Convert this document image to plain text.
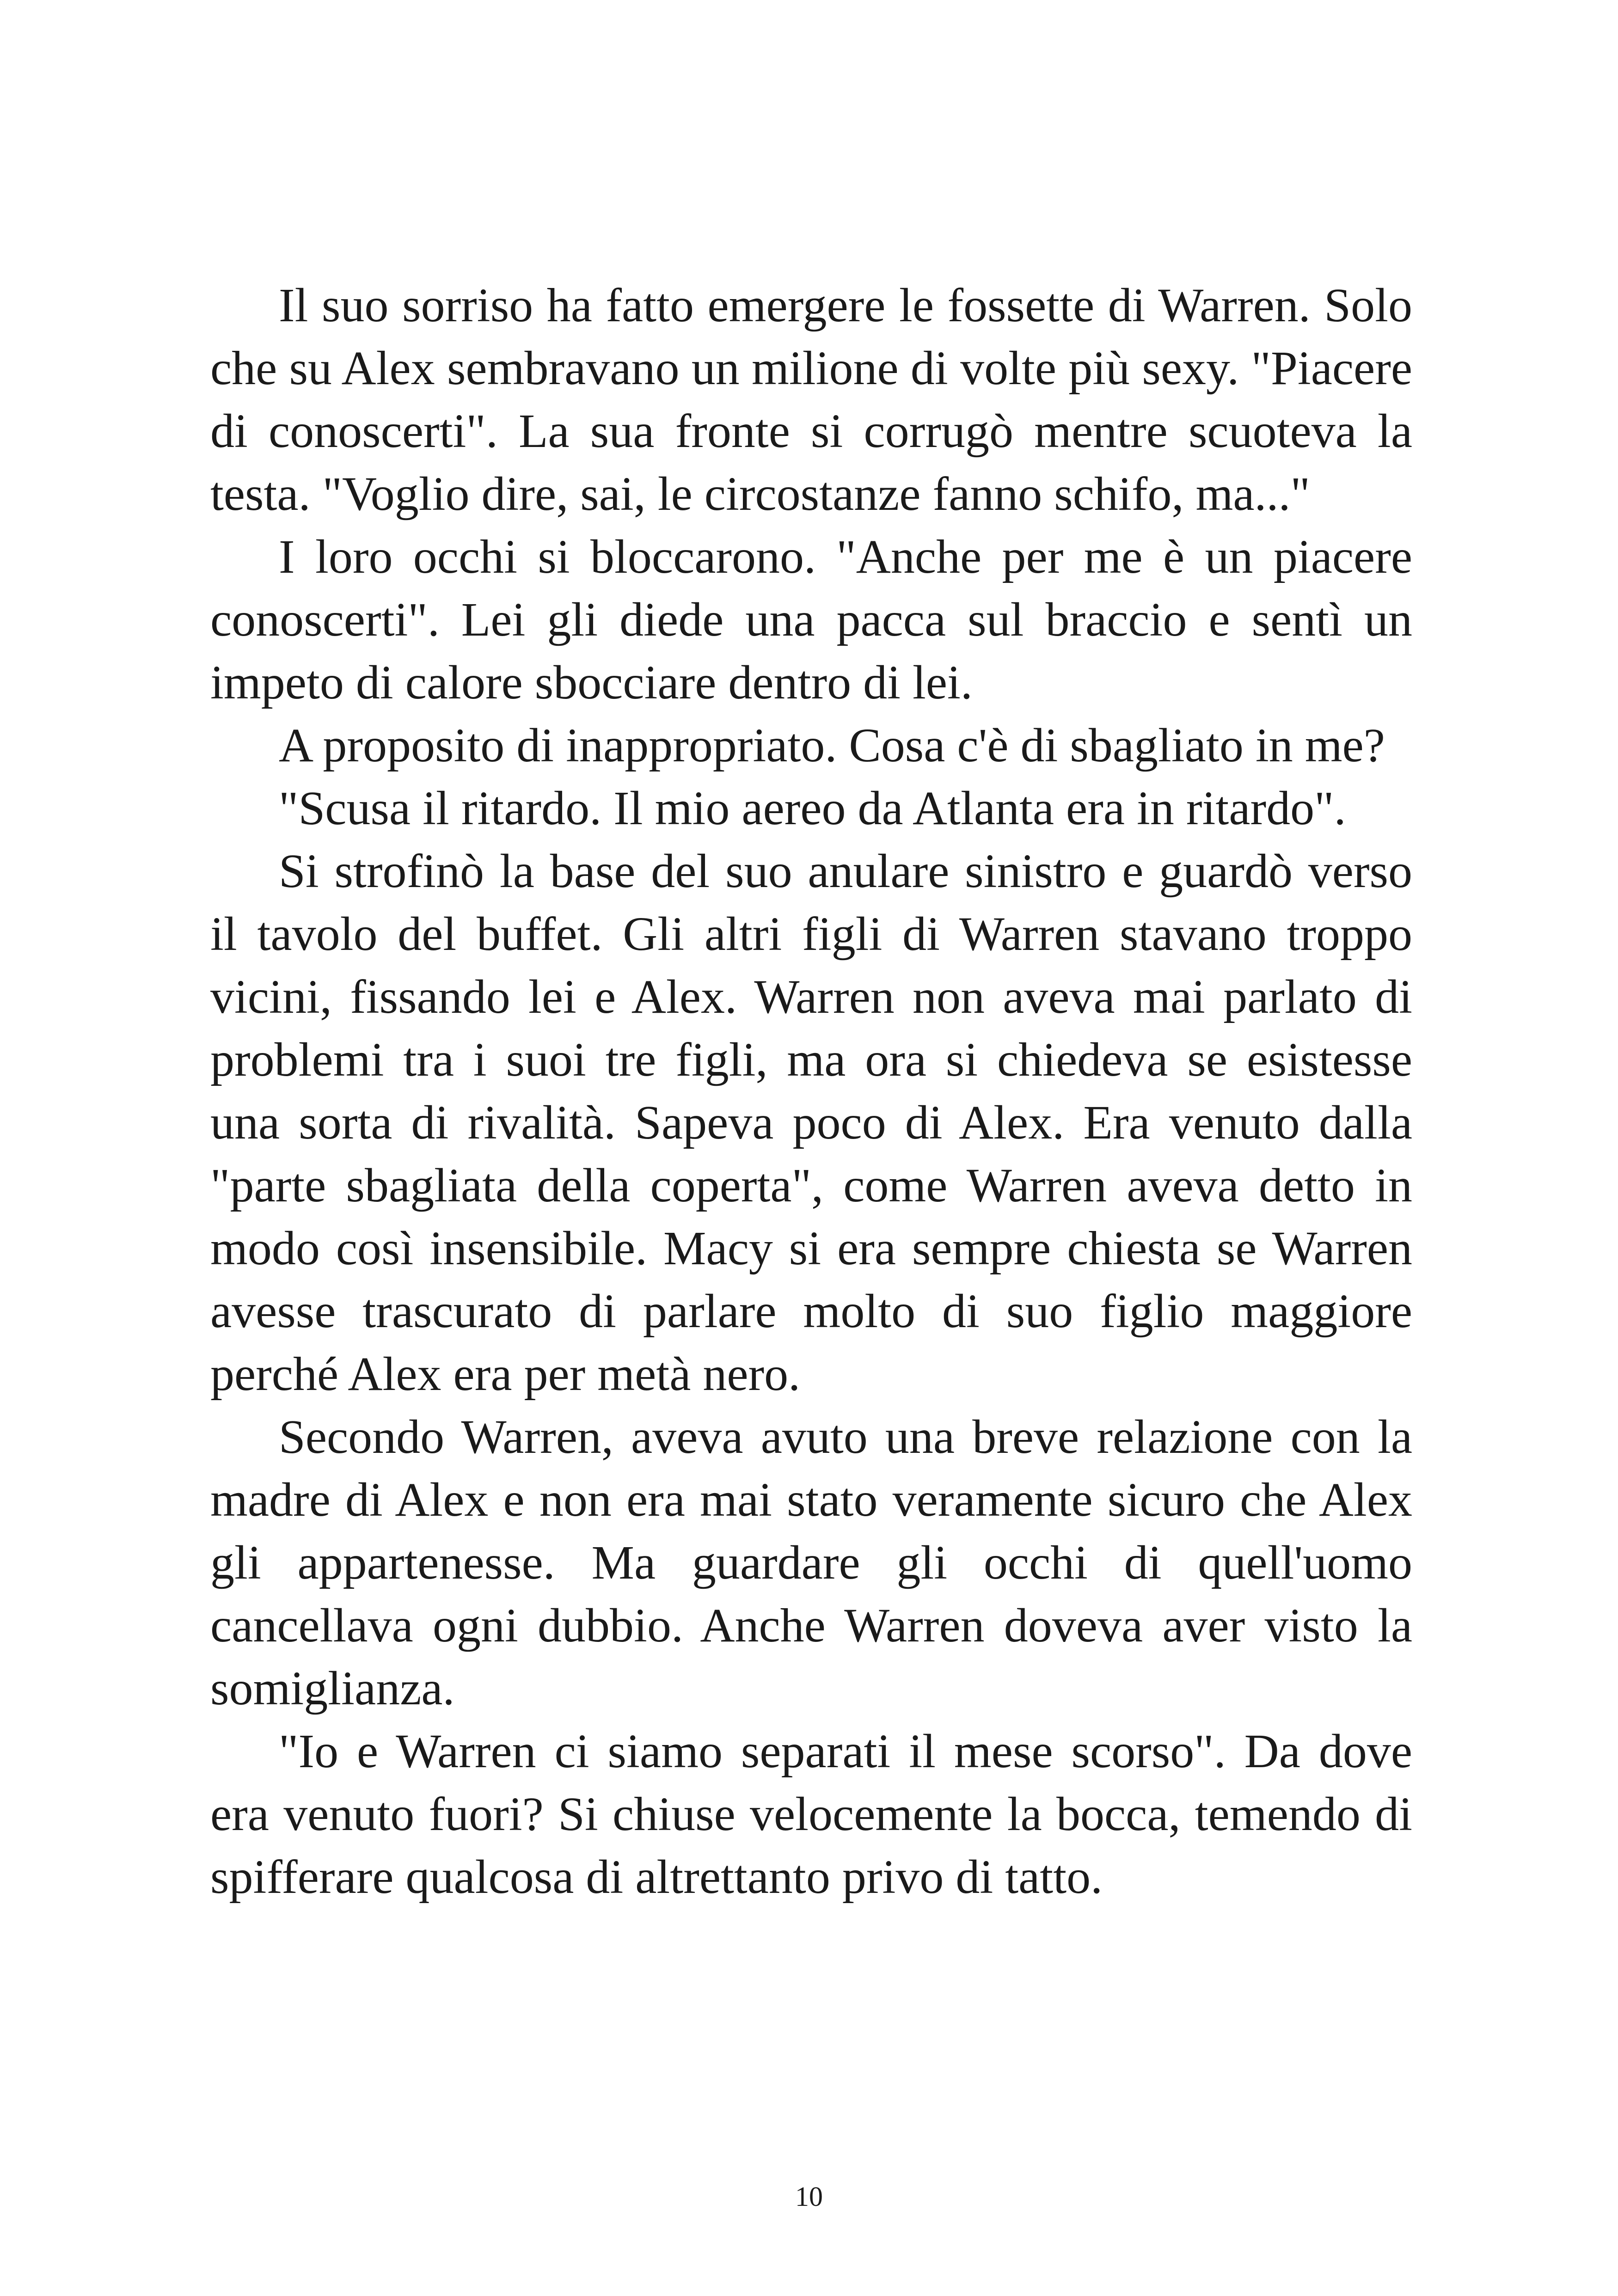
Il suo sorriso ha fatto emergere le fossette di Warren. Solo che su Alex sembravano un milione di volte più sexy. "Piacere di conoscerti". La sua fronte si corrugò mentre scuoteva la testa. "Voglio dire, sai, le circostanze fanno schifo, ma..."

I loro occhi si bloccarono. "Anche per me è un piacere conoscerti". Lei gli diede una pacca sul braccio e sentì un impeto di calore sbocciare dentro di lei.

A proposito di inappropriato. Cosa c'è di sbagliato in me?

"Scusa il ritardo. Il mio aereo da Atlanta era in ritardo".

Si strofinò la base del suo anulare sinistro e guardò verso il tavolo del buffet. Gli altri figli di Warren stavano troppo vicini, fissando lei e Alex. Warren non aveva mai parlato di problemi tra i suoi tre figli, ma ora si chiedeva se esistesse una sorta di rivalità. Sapeva poco di Alex. Era venuto dalla "parte sbagliata della coperta", come Warren aveva detto in modo così insensibile. Macy si era sempre chiesta se Warren avesse trascurato di parlare molto di suo figlio maggiore perché Alex era per metà nero.

Secondo Warren, aveva avuto una breve relazione con la madre di Alex e non era mai stato veramente sicuro che Alex gli appartenesse. Ma guardare gli occhi di quell'uomo cancellava ogni dubbio. Anche Warren doveva aver visto la somiglianza.

"Io e Warren ci siamo separati il mese scorso". Da dove era venuto fuori? Si chiuse velocemente la bocca, temendo di spifferare qualcosa di altrettanto privo di tatto.

10
